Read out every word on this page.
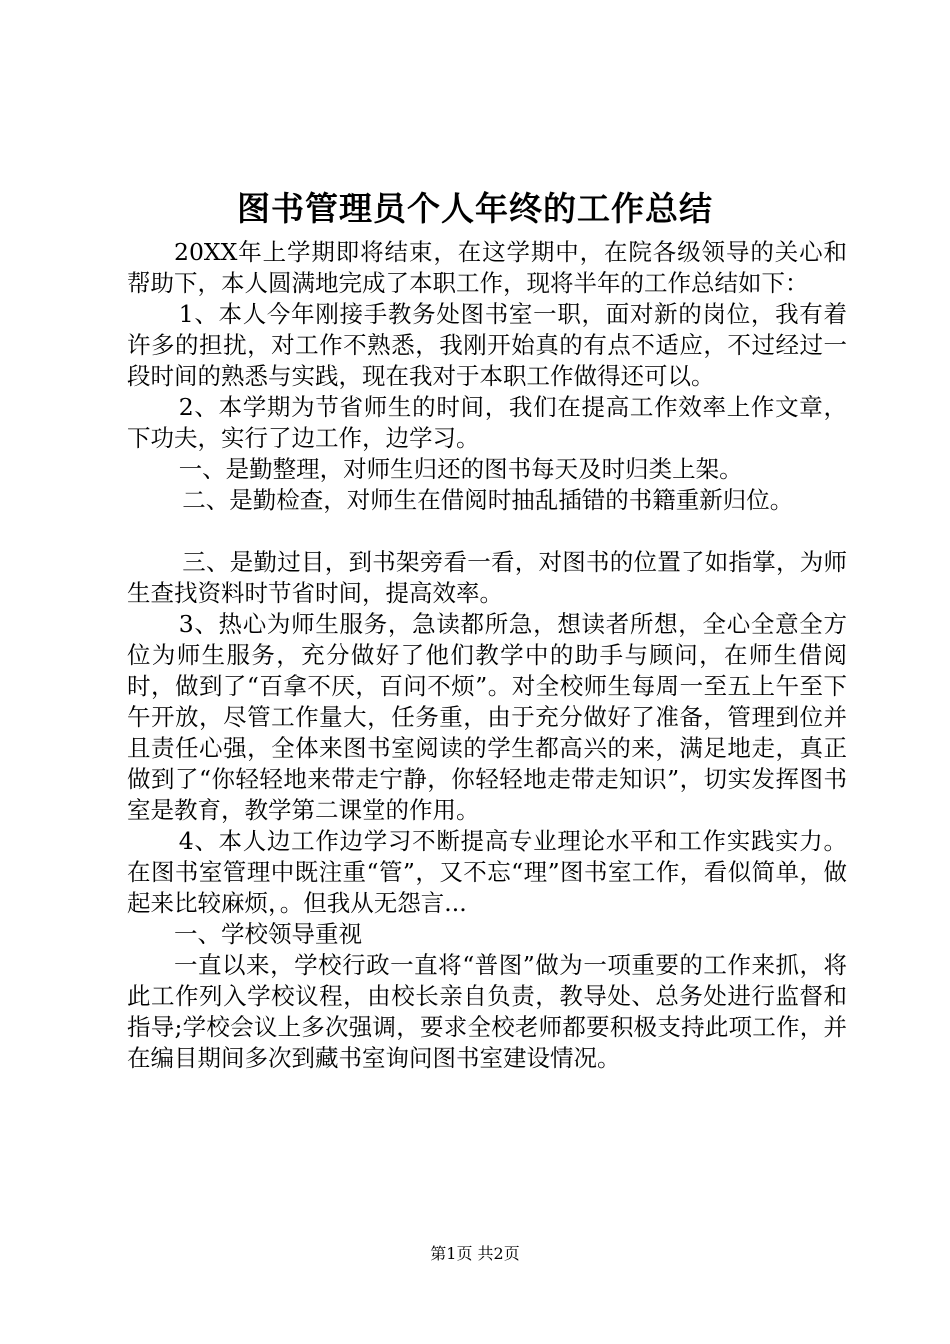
图书管理员个人年终的工作总结

20XX年上学期即将结束，在这学期中，在院各级领导的关心和帮助下，本人圆满地完成了本职工作，现将半年的工作总结如下：

1、本人今年刚接手教务处图书室一职，面对新的岗位，我有着许多的担扰，对工作不熟悉，我刚开始真的有点不适应，不过经过一段时间的熟悉与实践，现在我对于本职工作做得还可以。

2、本学期为节省师生的时间，我们在提高工作效率上作文章，下功夫，实行了边工作，边学习。

一、是勤整理，对师生归还的图书每天及时归类上架。

二、是勤检查，对师生在借阅时抽乱插错的书籍重新归位。

三、是勤过目，到书架旁看一看，对图书的位置了如指掌，为师生查找资料时节省时间，提高效率。

3、热心为师生服务，急读都所急，想读者所想，全心全意全方位为师生服务，充分做好了他们教学中的助手与顾问，在师生借阅时，做到了“百拿不厌，百问不烦”。对全校师生每周一至五上午至下午开放，尽管工作量大，任务重，由于充分做好了准备，管理到位并且责任心强，全体来图书室阅读的学生都高兴的来，满足地走，真正做到了“你轻轻地来带走宁静，你轻轻地走带走知识”，切实发挥图书室是教育，教学第二课堂的作用。

4、本人边工作边学习不断提高专业理论水平和工作实践实力。在图书室管理中既注重“管”，又不忘“理”图书室工作，看似简单，做起来比较麻烦，。但我从无怨言...

一、学校领导重视

一直以来，学校行政一直将“普图”做为一项重要的工作来抓，将此工作列入学校议程，由校长亲自负责，教导处、总务处进行监督和指导;学校会议上多次强调，要求全校老师都要积极支持此项工作，并在编目期间多次到藏书室询问图书室建设情况。

第1页 共2页
